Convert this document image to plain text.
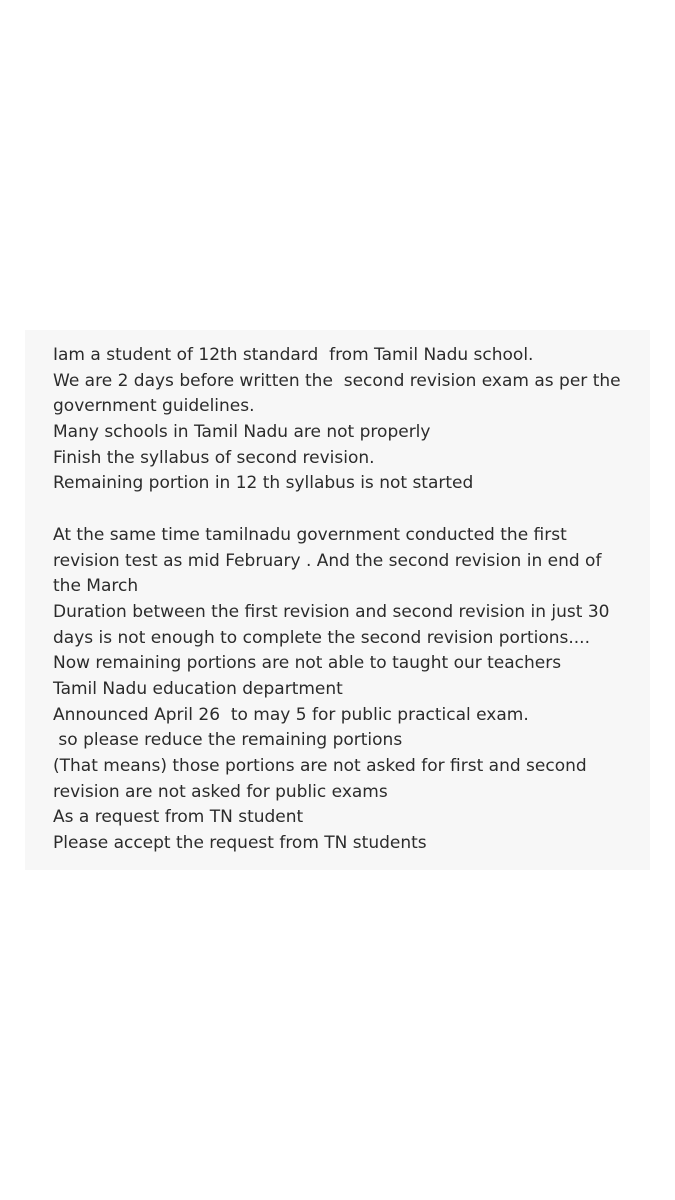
Iam a student of 12th standard  from Tamil Nadu school.
We are 2 days before written the  second revision exam as per the
government guidelines.
Many schools in Tamil Nadu are not properly
Finish the syllabus of second revision.
Remaining portion in 12 th syllabus is not started
At the same time tamilnadu government conducted the first
revision test as mid February . And the second revision in end of
the March
Duration between the first revision and second revision in just 30
days is not enough to complete the second revision portions....
Now remaining portions are not able to taught our teachers
Tamil Nadu education department
Announced April 26  to may 5 for public practical exam.
so please reduce the remaining portions
(That means) those portions are not asked for first and second
revision are not asked for public exams
As a request from TN student
Please accept the request from TN students
